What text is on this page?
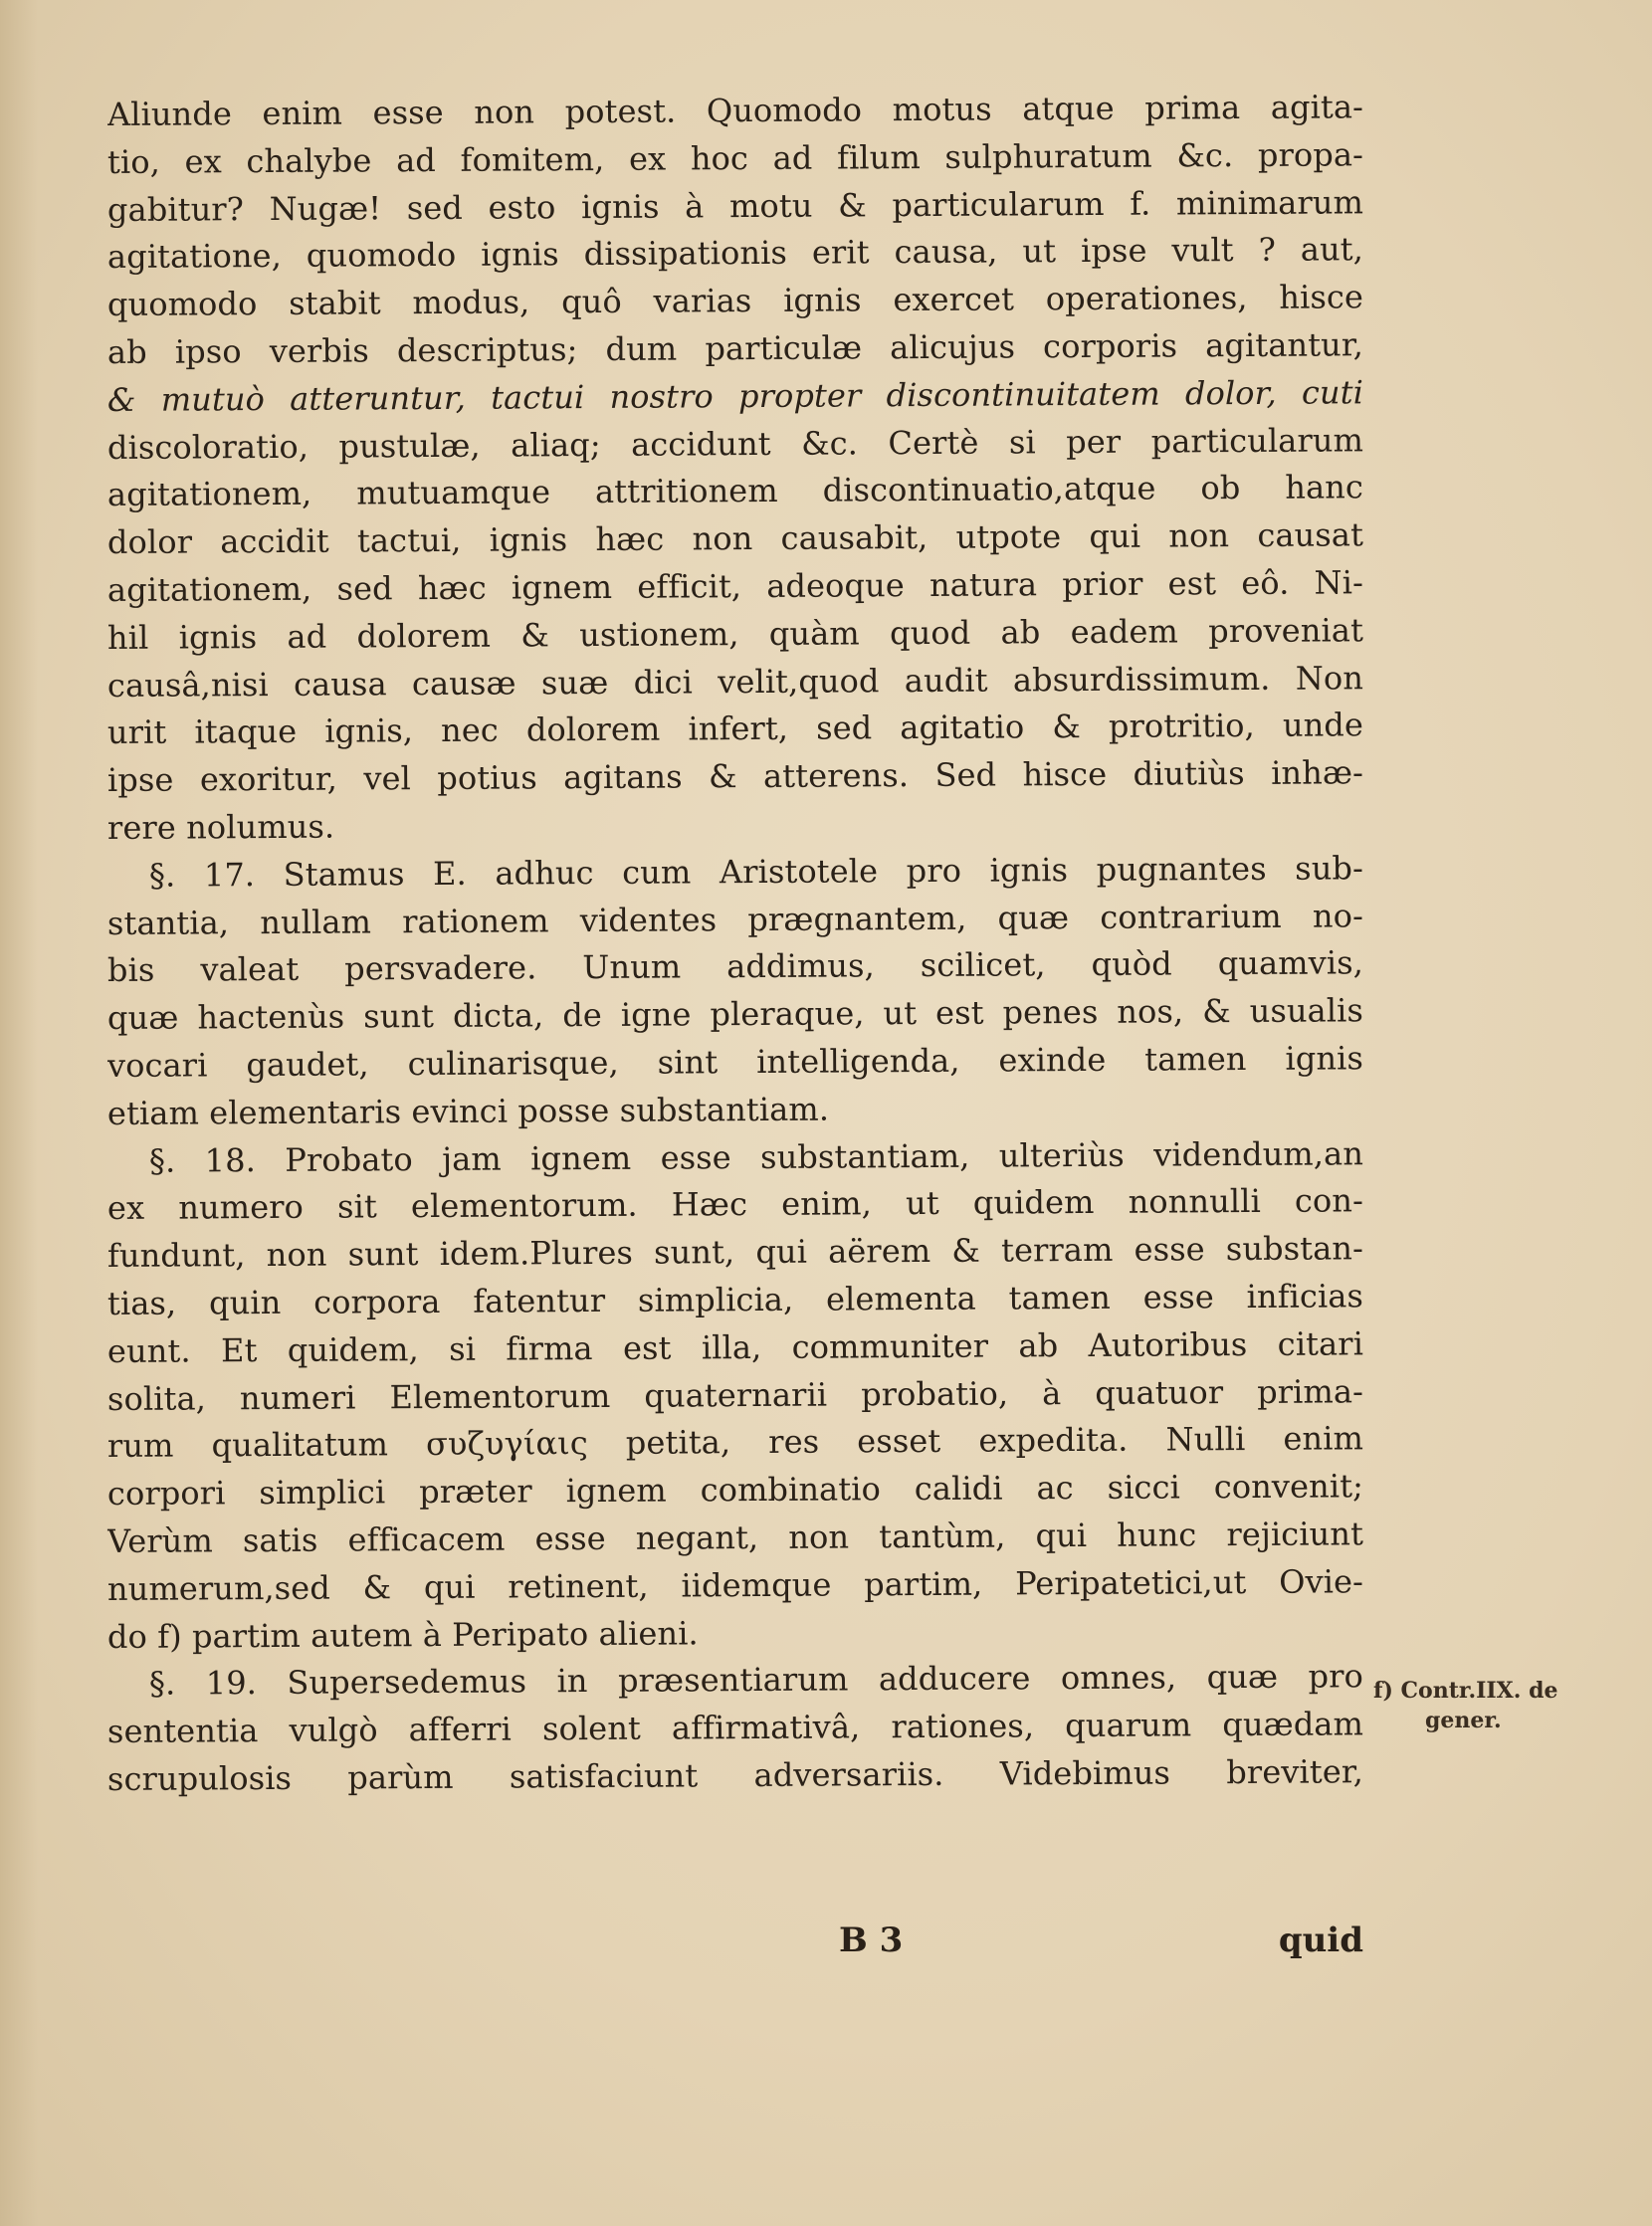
Aliunde enim esse non potest. Quomodo motus atque prima agita-
tio, ex chalybe ad fomitem, ex hoc ad filum sulphuratum &c. propa-
gabitur? Nugæ! sed esto ignis à motu & particularum f. minimarum
agitatione, quomodo ignis dissipationis erit causa, ut ipse vult ? aut,
quomodo stabit modus, quô varias ignis exercet operationes, hisce
ab ipso verbis descriptus; dum particulæ alicujus corporis agitantur,
& mutuò atteruntur, tactui nostro propter discontinuitatem dolor, cuti
discoloratio, pustulæ, aliaq; accidunt &c. Certè si per particularum
agitationem, mutuamque attritionem discontinuatio,atque ob hanc
dolor accidit tactui, ignis hæc non causabit, utpote qui non causat
agitationem, sed hæc ignem efficit, adeoque natura prior est eô. Ni-
hil ignis ad dolorem & ustionem, quàm quod ab eadem proveniat
causâ,nisi causa causæ suæ dici velit,quod audit absurdissimum. Non
urit itaque ignis, nec dolorem infert, sed agitatio & protritio, unde
ipse exoritur, vel potius agitans & atterens. Sed hisce diutiùs inhæ-
rere nolumus.
§. 17. Stamus E. adhuc cum Aristotele pro ignis pugnantes sub-
stantia, nullam rationem videntes prægnantem, quæ contrarium no-
bis valeat persvadere. Unum addimus, scilicet, quòd quamvis,
quæ hactenùs sunt dicta, de igne pleraque, ut est penes nos, & usualis
vocari gaudet, culinarisque, sint intelligenda, exinde tamen ignis
etiam elementaris evinci posse substantiam.
§. 18. Probato jam ignem esse substantiam, ulteriùs videndum,an
ex numero sit elementorum. Hæc enim, ut quidem nonnulli con-
fundunt, non sunt idem.Plures sunt, qui aërem & terram esse substan-
tias, quin corpora fatentur simplicia, elementa tamen esse inficias
eunt. Et quidem, si firma est illa, communiter ab Autoribus citari
solita, numeri Elementorum quaternarii probatio, à quatuor prima-
rum qualitatum συζυγίαις petita, res esset expedita. Nulli enim
corpori simplici præter ignem combinatio calidi ac sicci convenit;
Verùm satis efficacem esse negant, non tantùm, qui hunc rejiciunt
numerum,sed & qui retinent, iidemque partim, Peripatetici,ut Ovie-
do f) partim autem à Peripato alieni.
§. 19. Supersedemus in præsentiarum adducere omnes, quæ pro
sententia vulgò afferri solent affirmativâ, rationes, quarum quædam
scrupulosis parùm satisfaciunt adversariis. Videbimus breviter,
f) Contr.IIX. de
gener.
B 3	quid
